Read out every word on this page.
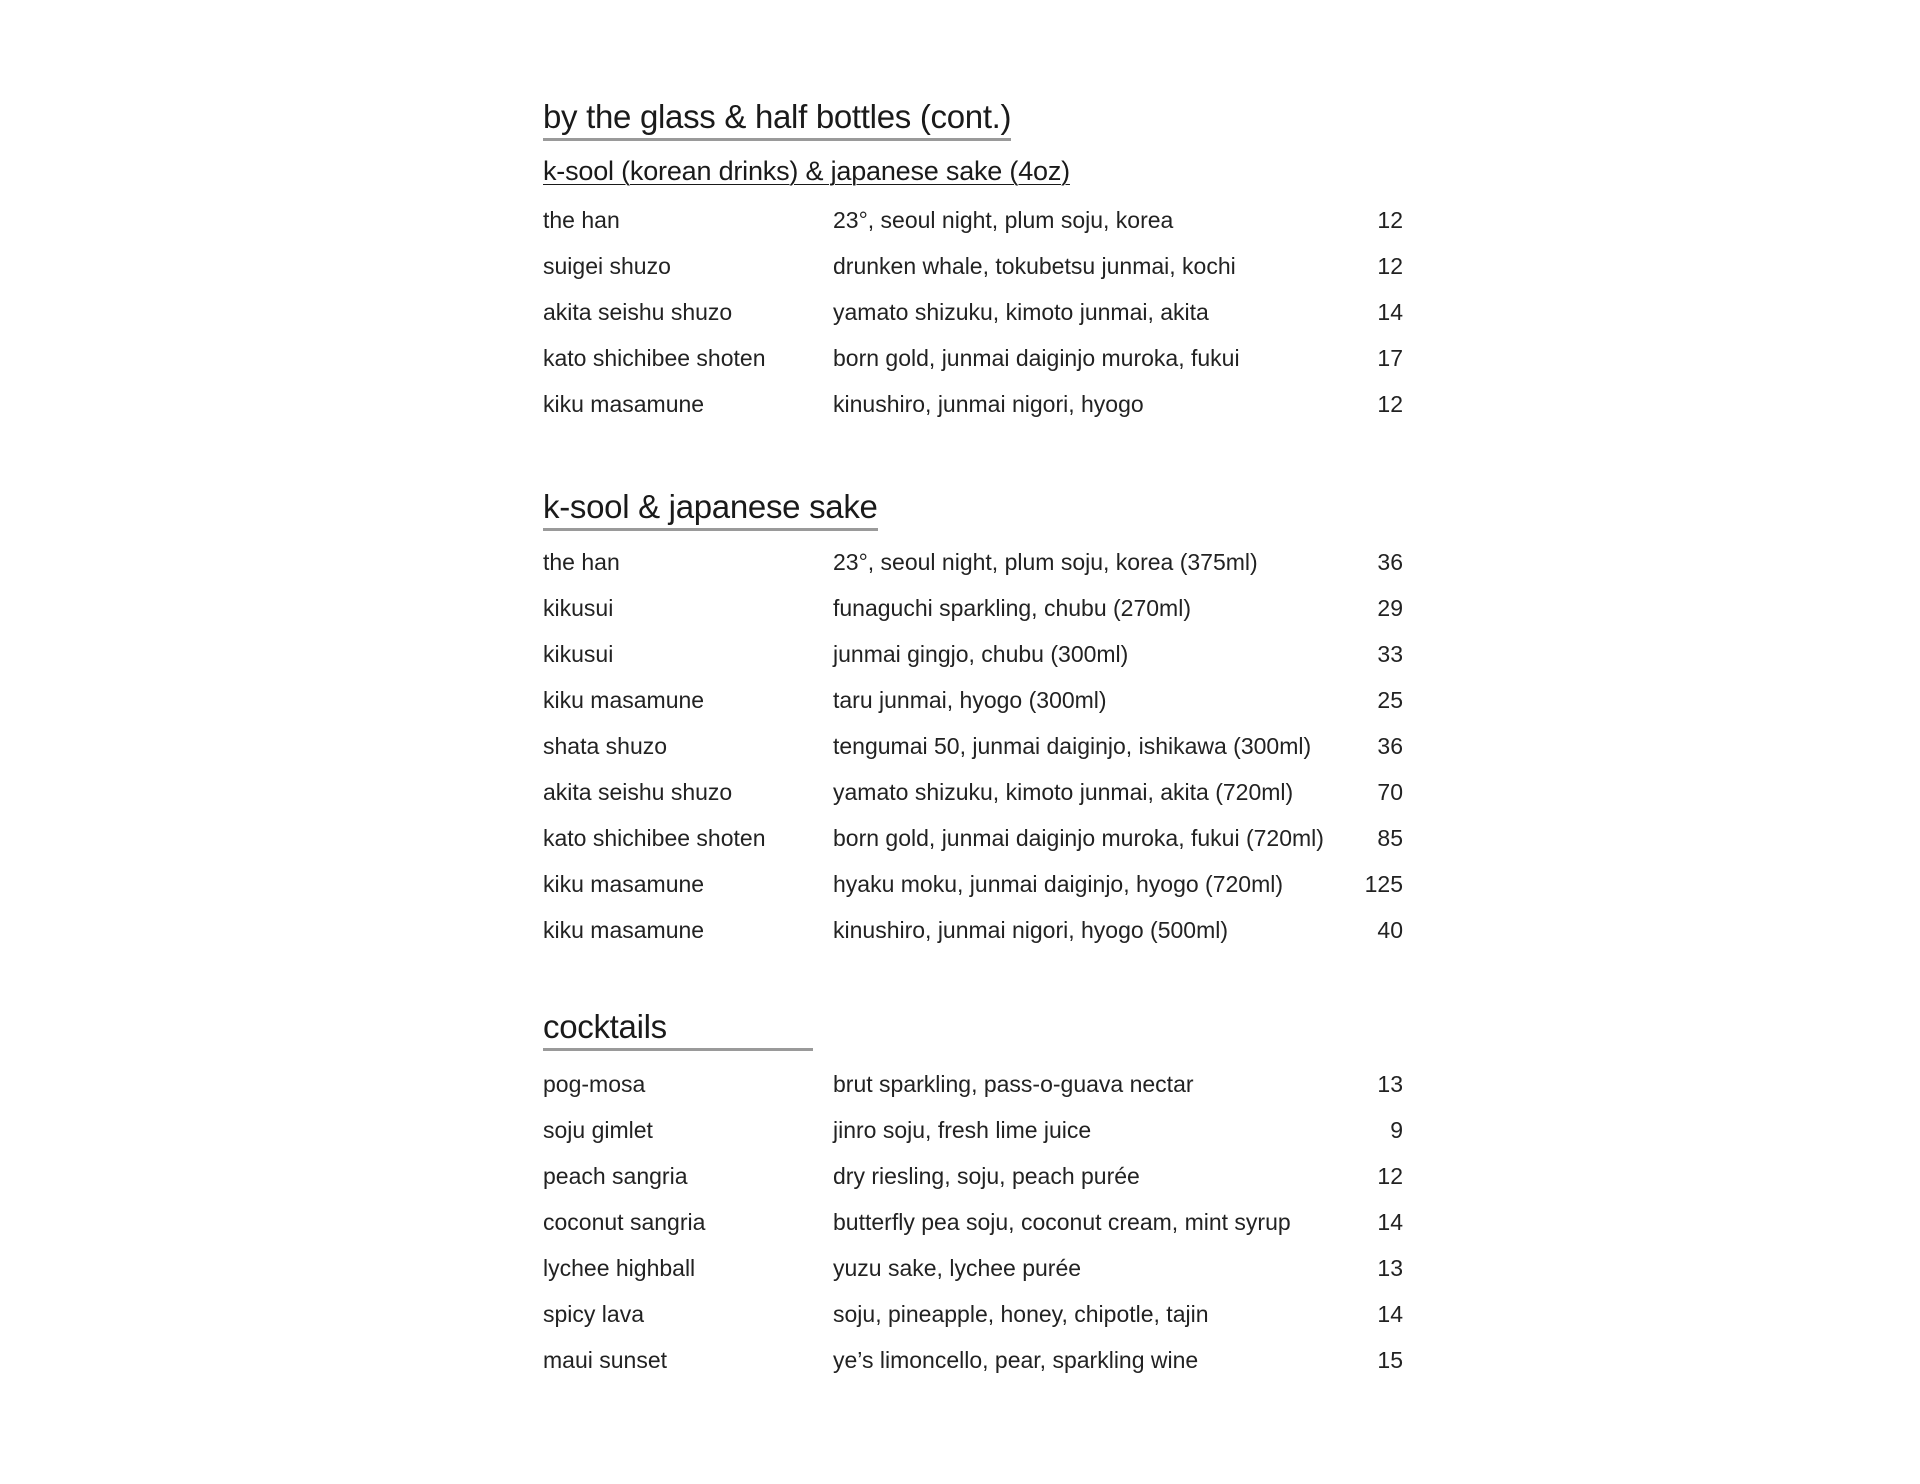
by the glass & half bottles (cont.)
k-sool (korean drinks) & japanese sake (4oz)
the han	23°, seoul night, plum soju, korea	12
suigei shuzo	drunken whale, tokubetsu junmai, kochi	12
akita seishu shuzo	yamato shizuku, kimoto junmai, akita	14
kato shichibee shoten	born gold, junmai daiginjo muroka, fukui	17
kiku masamune	kinushiro, junmai nigori, hyogo	12
k-sool & japanese sake
the han	23°, seoul night, plum soju, korea (375ml)	36
kikusui	funaguchi sparkling, chubu (270ml)	29
kikusui	junmai gingjo, chubu (300ml)	33
kiku masamune	taru junmai, hyogo (300ml)	25
shata shuzo	tengumai 50, junmai daiginjo, ishikawa (300ml)	36
akita seishu shuzo	yamato shizuku, kimoto junmai, akita (720ml)	70
kato shichibee shoten	born gold, junmai daiginjo muroka, fukui (720ml) 85
kiku masamune	hyaku moku, junmai daiginjo, hyogo (720ml)	125
kiku masamune	kinushiro, junmai nigori, hyogo (500ml)	40
cocktails
pog-mosa	brut sparkling, pass-o-guava nectar	13
soju gimlet	jinro soju, fresh lime juice	9
peach sangria	dry riesling, soju, peach purée	12
coconut sangria	butterfly pea soju, coconut cream, mint syrup	14
lychee highball	yuzu sake, lychee purée	13
spicy lava	soju, pineapple, honey, chipotle, tajin	14
maui sunset	ye’s limoncello, pear, sparkling wine	15
